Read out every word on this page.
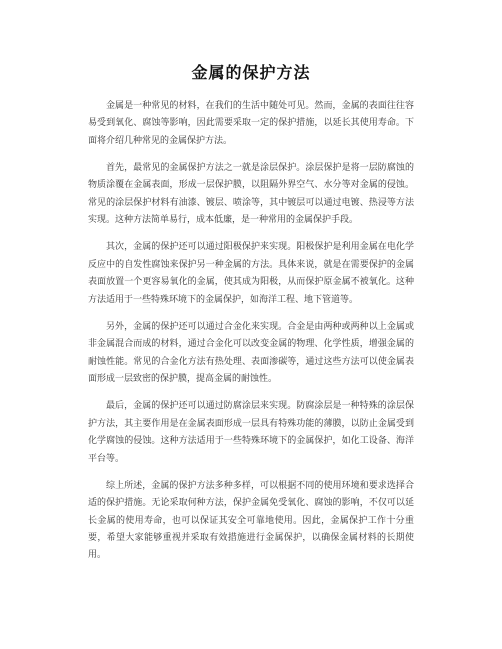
金属的保护方法

金属是一种常见的材料，在我们的生活中随处可见。然而，金属的表面往往容易受到氧化、腐蚀等影响，因此需要采取一定的保护措施，以延长其使用寿命。下面将介绍几种常见的金属保护方法。

首先，最常见的金属保护方法之一就是涂层保护。涂层保护是将一层防腐蚀的物质涂覆在金属表面，形成一层保护膜，以阻隔外界空气、水分等对金属的侵蚀。常见的涂层保护材料有油漆、镀层、喷涂等，其中镀层可以通过电镀、热浸等方法实现。这种方法简单易行，成本低廉，是一种常用的金属保护手段。

其次，金属的保护还可以通过阳极保护来实现。阳极保护是利用金属在电化学反应中的自发性腐蚀来保护另一种金属的方法。具体来说，就是在需要保护的金属表面放置一个更容易氧化的金属，使其成为阳极，从而保护原金属不被氧化。这种方法适用于一些特殊环境下的金属保护，如海洋工程、地下管道等。

另外，金属的保护还可以通过合金化来实现。合金是由两种或两种以上金属或非金属混合而成的材料，通过合金化可以改变金属的物理、化学性质，增强金属的耐蚀性能。常见的合金化方法有热处理、表面渗碳等，通过这些方法可以使金属表面形成一层致密的保护膜，提高金属的耐蚀性。

最后，金属的保护还可以通过防腐涂层来实现。防腐涂层是一种特殊的涂层保护方法，其主要作用是在金属表面形成一层具有特殊功能的薄膜，以防止金属受到化学腐蚀的侵蚀。这种方法适用于一些特殊环境下的金属保护，如化工设备、海洋平台等。

综上所述，金属的保护方法多种多样，可以根据不同的使用环境和要求选择合适的保护措施。无论采取何种方法，保护金属免受氧化、腐蚀的影响，不仅可以延长金属的使用寿命，也可以保证其安全可靠地使用。因此，金属保护工作十分重要，希望大家能够重视并采取有效措施进行金属保护，以确保金属材料的长期使用。
